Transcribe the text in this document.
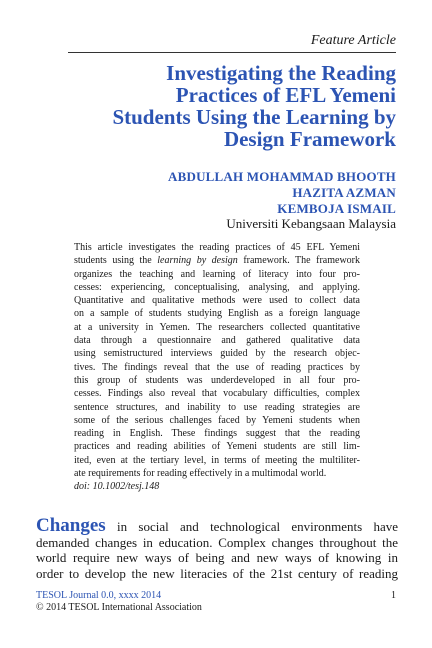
Feature Article
Investigating the Reading
Practices of EFL Yemeni
Students Using the Learning by
Design Framework
ABDULLAH MOHAMMAD BHOOTH
HAZITA AZMAN
KEMBOJA ISMAIL
Universiti Kebangsaan Malaysia
This article investigates the reading practices of 45 EFL Yemeni
students using the learning by design framework. The framework
organizes the teaching and learning of literacy into four pro-
cesses: experiencing, conceptualising, analysing, and applying.
Quantitative and qualitative methods were used to collect data
on a sample of students studying English as a foreign language
at a university in Yemen. The researchers collected quantitative
data through a questionnaire and gathered qualitative data
using semistructured interviews guided by the research objec-
tives. The findings reveal that the use of reading practices by
this group of students was underdeveloped in all four pro-
cesses. Findings also reveal that vocabulary difficulties, complex
sentence structures, and inability to use reading strategies are
some of the serious challenges faced by Yemeni students when
reading in English. These findings suggest that the reading
practices and reading abilities of Yemeni students are still lim-
ited, even at the tertiary level, in terms of meeting the multiliter-
ate requirements for reading effectively in a multimodal world.
doi: 10.1002/tesj.148
Changes in social and technological environments have
demanded changes in education. Complex changes throughout the
world require new ways of being and new ways of knowing in
order to develop the new literacies of the 21st century of reading
TESOL Journal 0.0, xxxx 2014
© 2014 TESOL International Association
1
